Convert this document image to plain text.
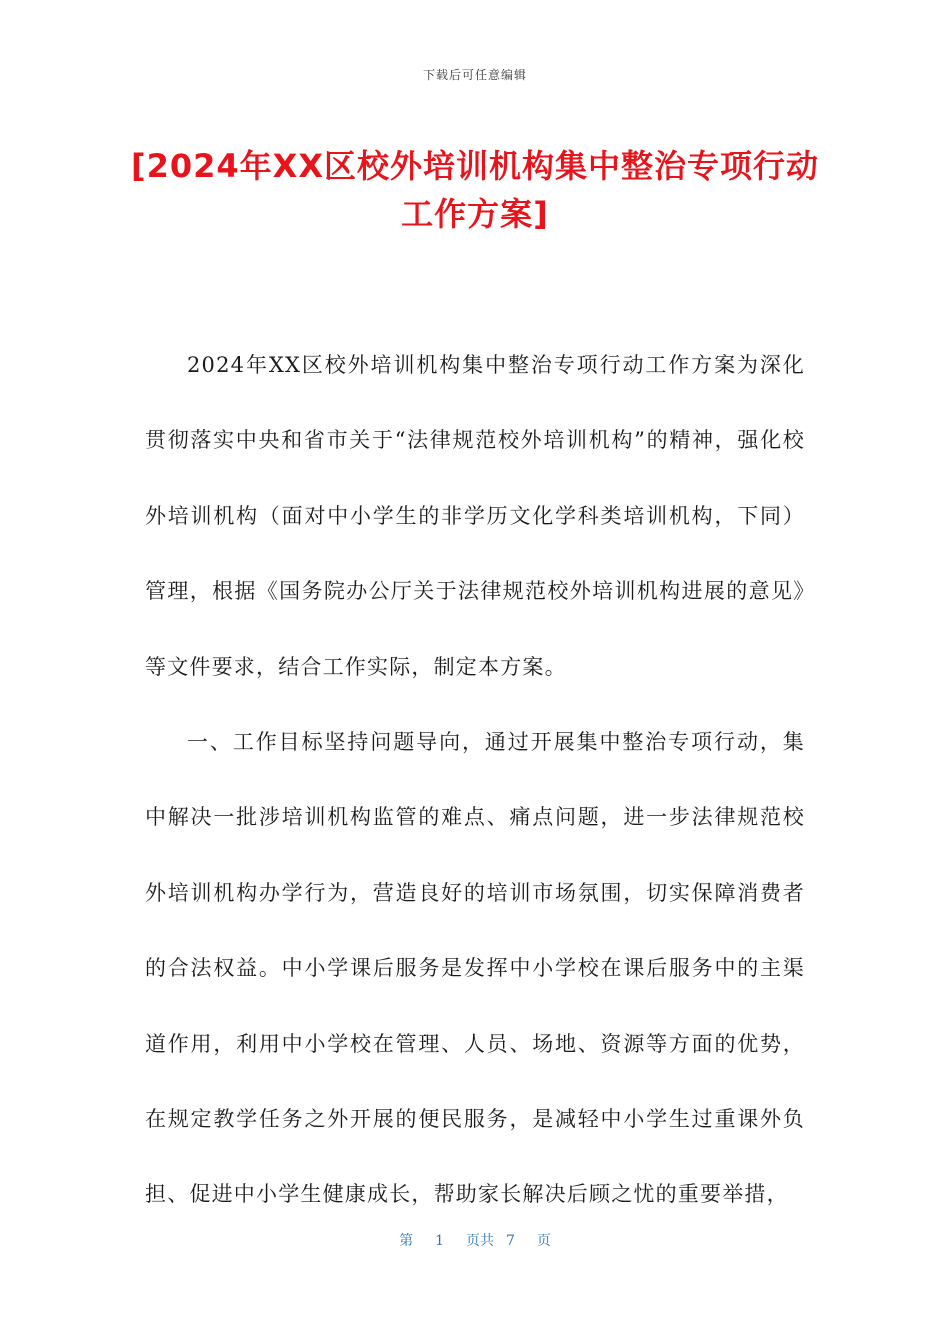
下载后可任意编辑
[2024年XX区校外培训机构集中整治专项行动工作方案]

2024年XX区校外培训机构集中整治专项行动工作方案为深化贯彻落实中央和省市关于“法律规范校外培训机构”的精神，强化校外培训机构（面对中小学生的非学历文化学科类培训机构，下同）管理，根据《国务院办公厅关于法律规范校外培训机构进展的意见》等文件要求，结合工作实际，制定本方案。

一、工作目标坚持问题导向，通过开展集中整治专项行动，集中解决一批涉培训机构监管的难点、痛点问题，进一步法律规范校外培训机构办学行为，营造良好的培训市场氛围，切实保障消费者的合法权益。中小学课后服务是发挥中小学校在课后服务中的主渠道作用，利用中小学校在管理、人员、场地、资源等方面的优势，在规定教学任务之外开展的便民服务，是减轻中小学生过重课外负担、促进中小学生健康成长，帮助家长解决后顾之忧的重要举措，

第 1 页共 7 页
